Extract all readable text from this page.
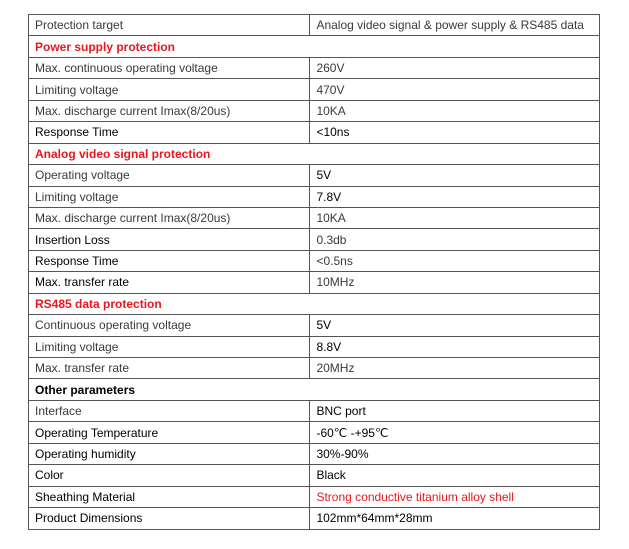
Protection target	Analog video signal & power supply & RS485 data
Power supply protection	
Max. continuous operating voltage	260V
Limiting voltage	470V
Max. discharge current Imax(8/20us)	10KA
Response Time	<10ns
Analog video signal protection	
Operating voltage	5V
Limiting voltage	7.8V
Max. discharge current Imax(8/20us)	10KA
Insertion Loss	0.3db
Response Time	<0.5ns
Max. transfer rate	10MHz
RS485 data protection	
Continuous operating voltage	5V
Limiting voltage	8.8V
Max. transfer rate	20MHz
Other parameters	
Interface	BNC port
Operating Temperature	-60℃ -+95℃
Operating humidity	30%-90%
Color	Black
Sheathing Material	Strong conductive titanium alloy shell
Product Dimensions	102mm*64mm*28mm
